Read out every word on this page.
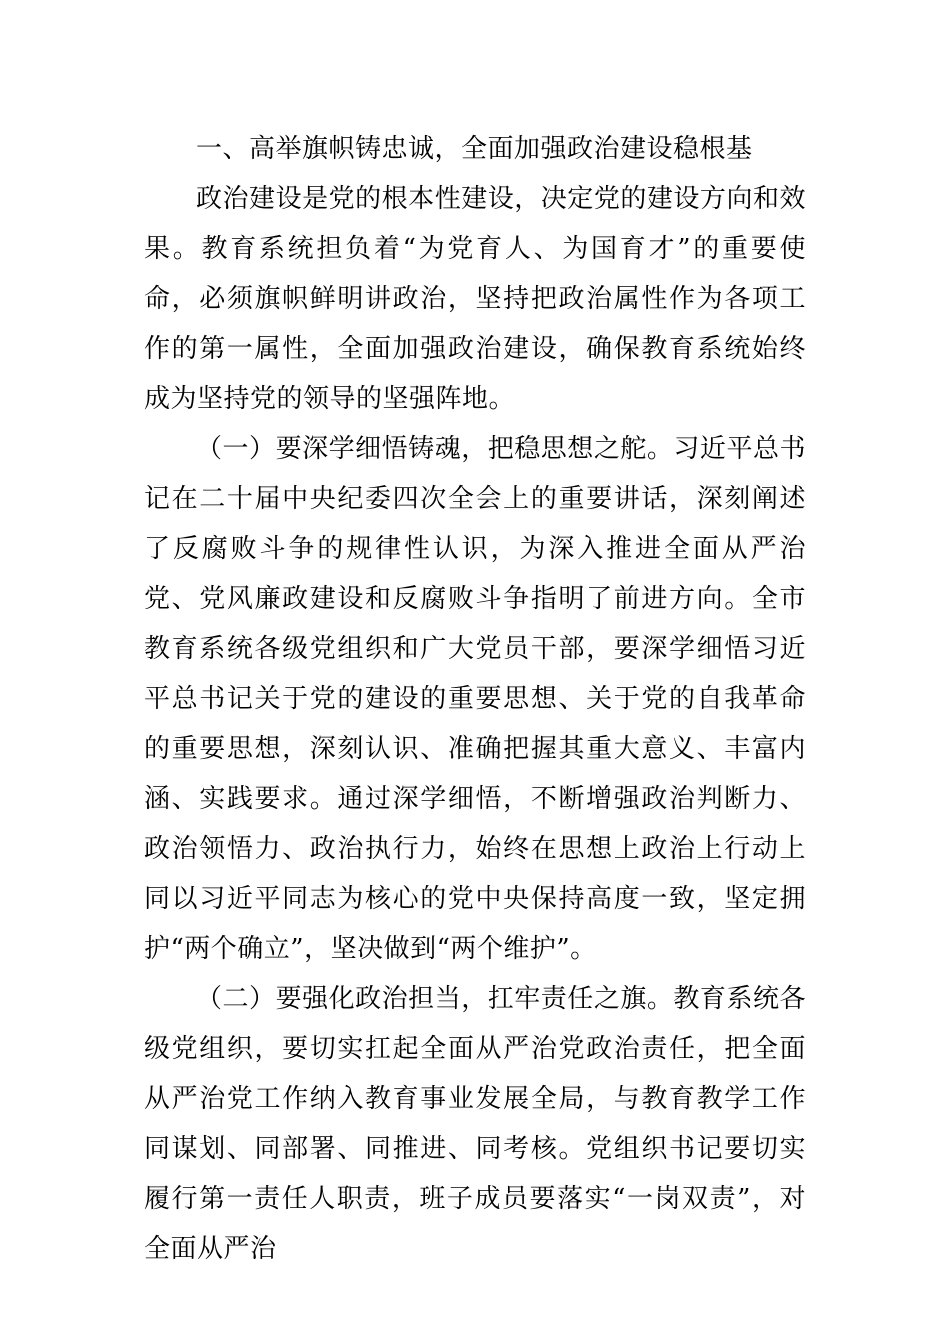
一、高举旗帜铸忠诚，全面加强政治建设稳根基

政治建设是党的根本性建设，决定党的建设方向和效果。教育系统担负着“为党育人、为国育才”的重要使命，必须旗帜鲜明讲政治，坚持把政治属性作为各项工作的第一属性，全面加强政治建设，确保教育系统始终成为坚持党的领导的坚强阵地。

（一）要深学细悟铸魂，把稳思想之舵。习近平总书记在二十届中央纪委四次全会上的重要讲话，深刻阐述了反腐败斗争的规律性认识，为深入推进全面从严治党、党风廉政建设和反腐败斗争指明了前进方向。全市教育系统各级党组织和广大党员干部，要深学细悟习近平总书记关于党的建设的重要思想、关于党的自我革命的重要思想，深刻认识、准确把握其重大意义、丰富内涵、实践要求。通过深学细悟，不断增强政治判断力、政治领悟力、政治执行力，始终在思想上政治上行动上同以习近平同志为核心的党中央保持高度一致，坚定拥护“两个确立”，坚决做到“两个维护”。

（二）要强化政治担当，扛牢责任之旗。教育系统各级党组织，要切实扛起全面从严治党政治责任，把全面从严治党工作纳入教育事业发展全局，与教育教学工作同谋划、同部署、同推进、同考核。党组织书记要切实履行第一责任人职责，班子成员要落实“一岗双责”，对全面从严治
